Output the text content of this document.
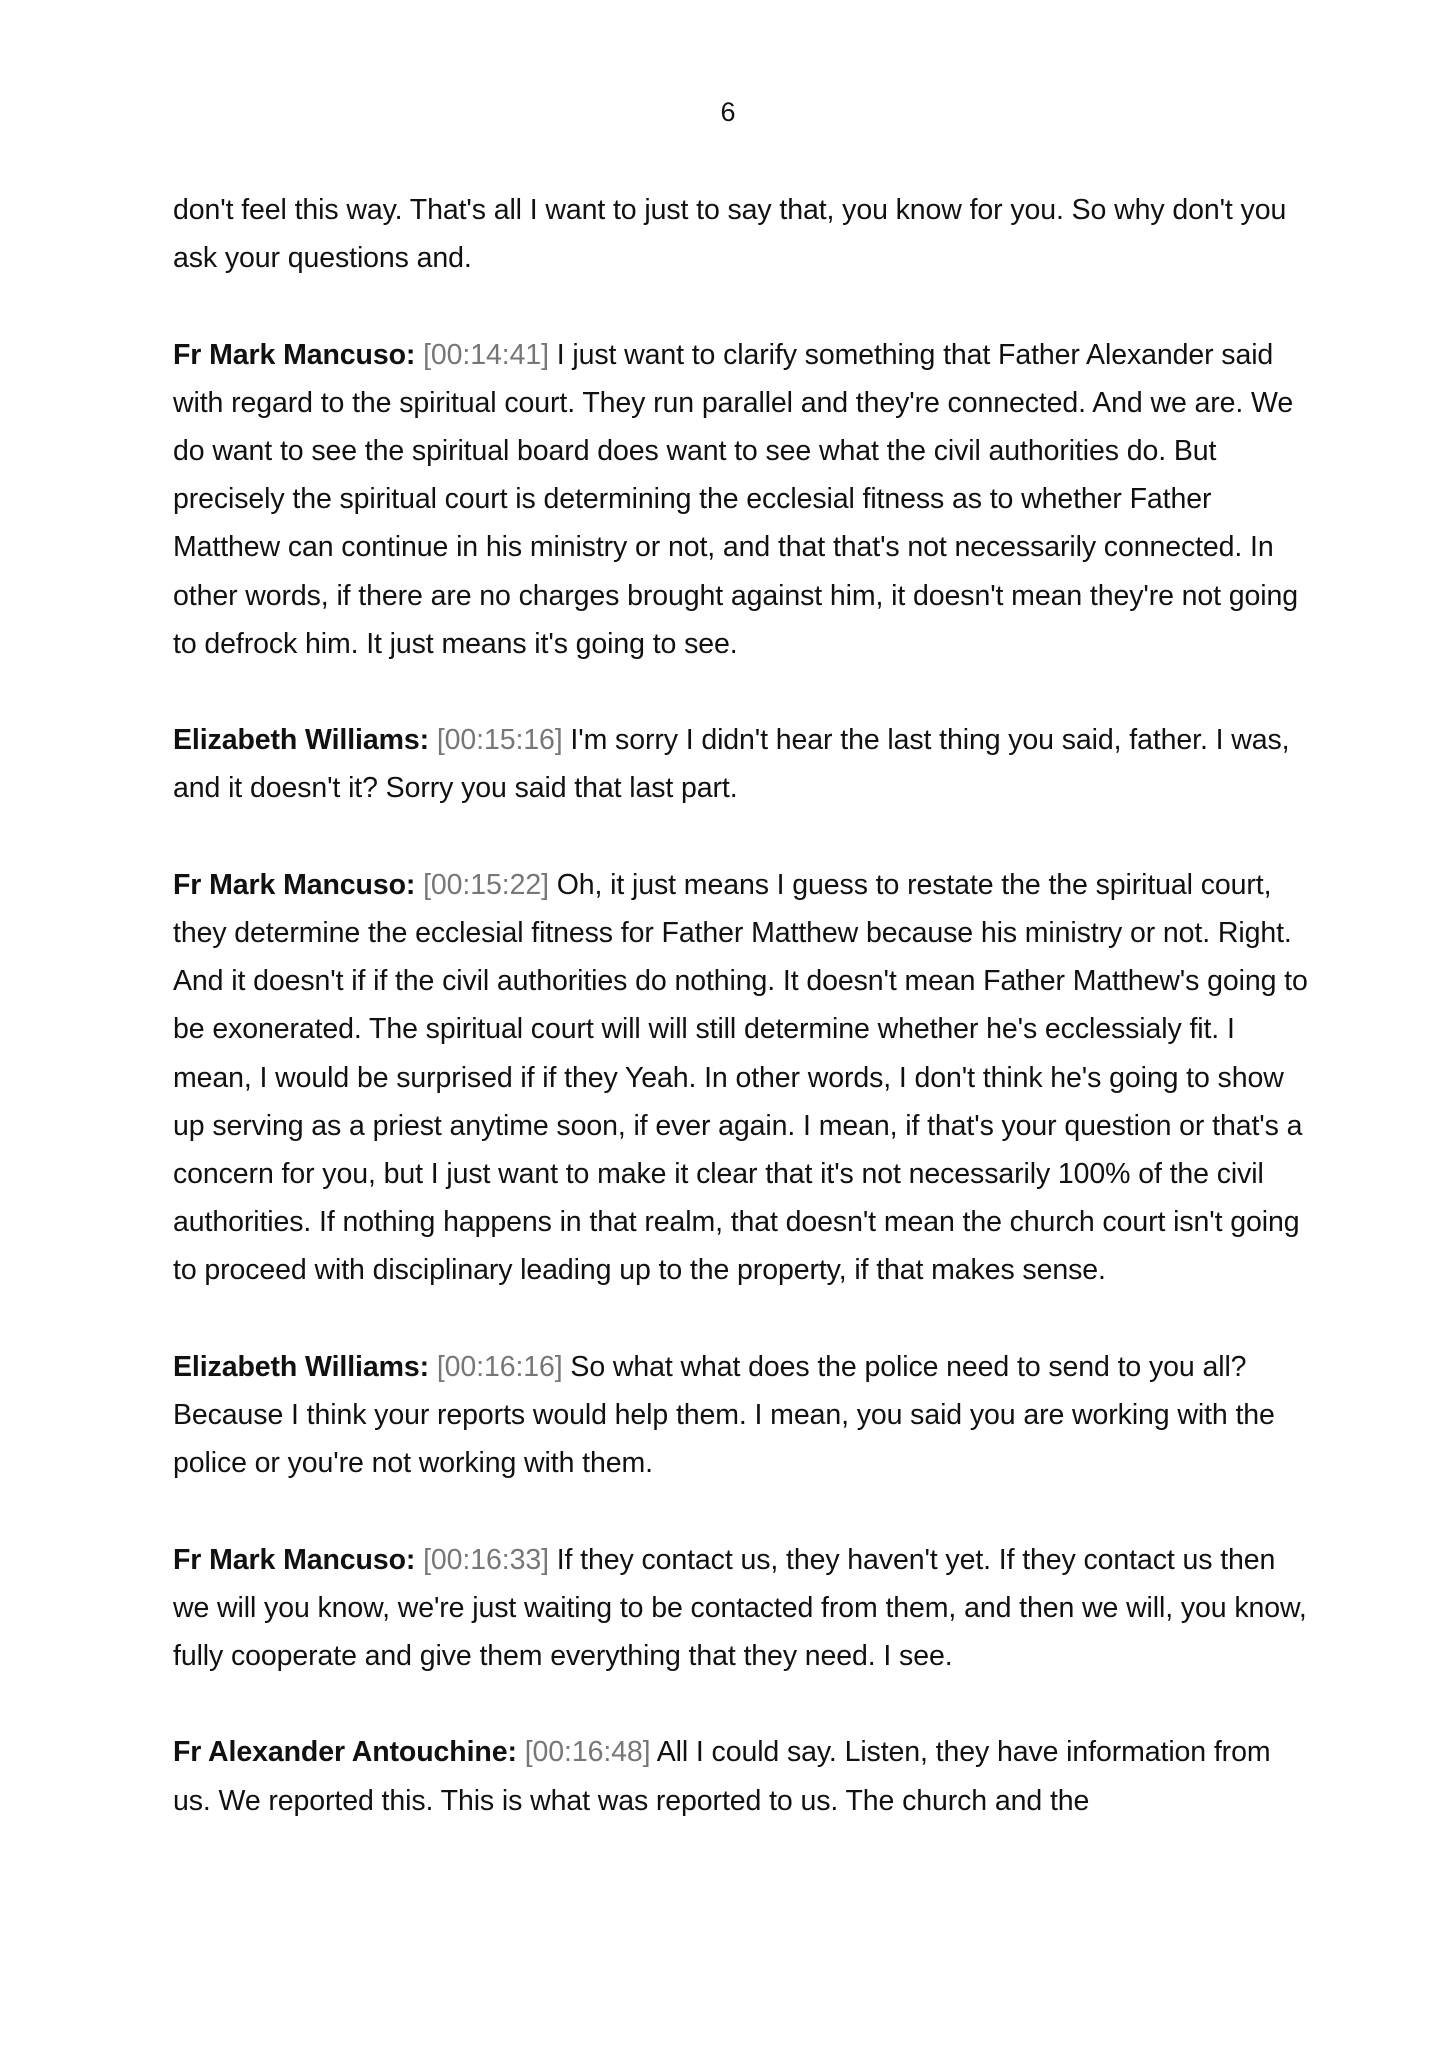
6

don't feel this way. That's all I want to just to say that, you know for you. So why don't you ask your questions and.

Fr Mark Mancuso: [00:14:41] I just want to clarify something that Father Alexander said with regard to the spiritual court. They run parallel and they're connected. And we are. We do want to see the spiritual board does want to see what the civil authorities do. But precisely the spiritual court is determining the ecclesial fitness as to whether Father Matthew can continue in his ministry or not, and that that's not necessarily connected. In other words, if there are no charges brought against him, it doesn't mean they're not going to defrock him. It just means it's going to see.

Elizabeth Williams: [00:15:16] I'm sorry I didn't hear the last thing you said, father. I was, and it doesn't it? Sorry you said that last part.

Fr Mark Mancuso: [00:15:22] Oh, it just means I guess to restate the the spiritual court, they determine the ecclesial fitness for Father Matthew because his ministry or not. Right. And it doesn't if if the civil authorities do nothing. It doesn't mean Father Matthew's going to be exonerated. The spiritual court will will still determine whether he's ecclessialy fit. I mean, I would be surprised if if they Yeah. In other words, I don't think he's going to show up serving as a priest anytime soon, if ever again. I mean, if that's your question or that's a concern for you, but I just want to make it clear that it's not necessarily 100% of the civil authorities. If nothing happens in that realm, that doesn't mean the church court isn't going to proceed with disciplinary leading up to the property, if that makes sense.

Elizabeth Williams: [00:16:16] So what what does the police need to send to you all? Because I think your reports would help them. I mean, you said you are working with the police or you're not working with them.

Fr Mark Mancuso: [00:16:33] If they contact us, they haven't yet. If they contact us then we will you know, we're just waiting to be contacted from them, and then we will, you know, fully cooperate and give them everything that they need. I see.

Fr Alexander Antouchine: [00:16:48] All I could say. Listen, they have information from us. We reported this. This is what was reported to us. The church and the
